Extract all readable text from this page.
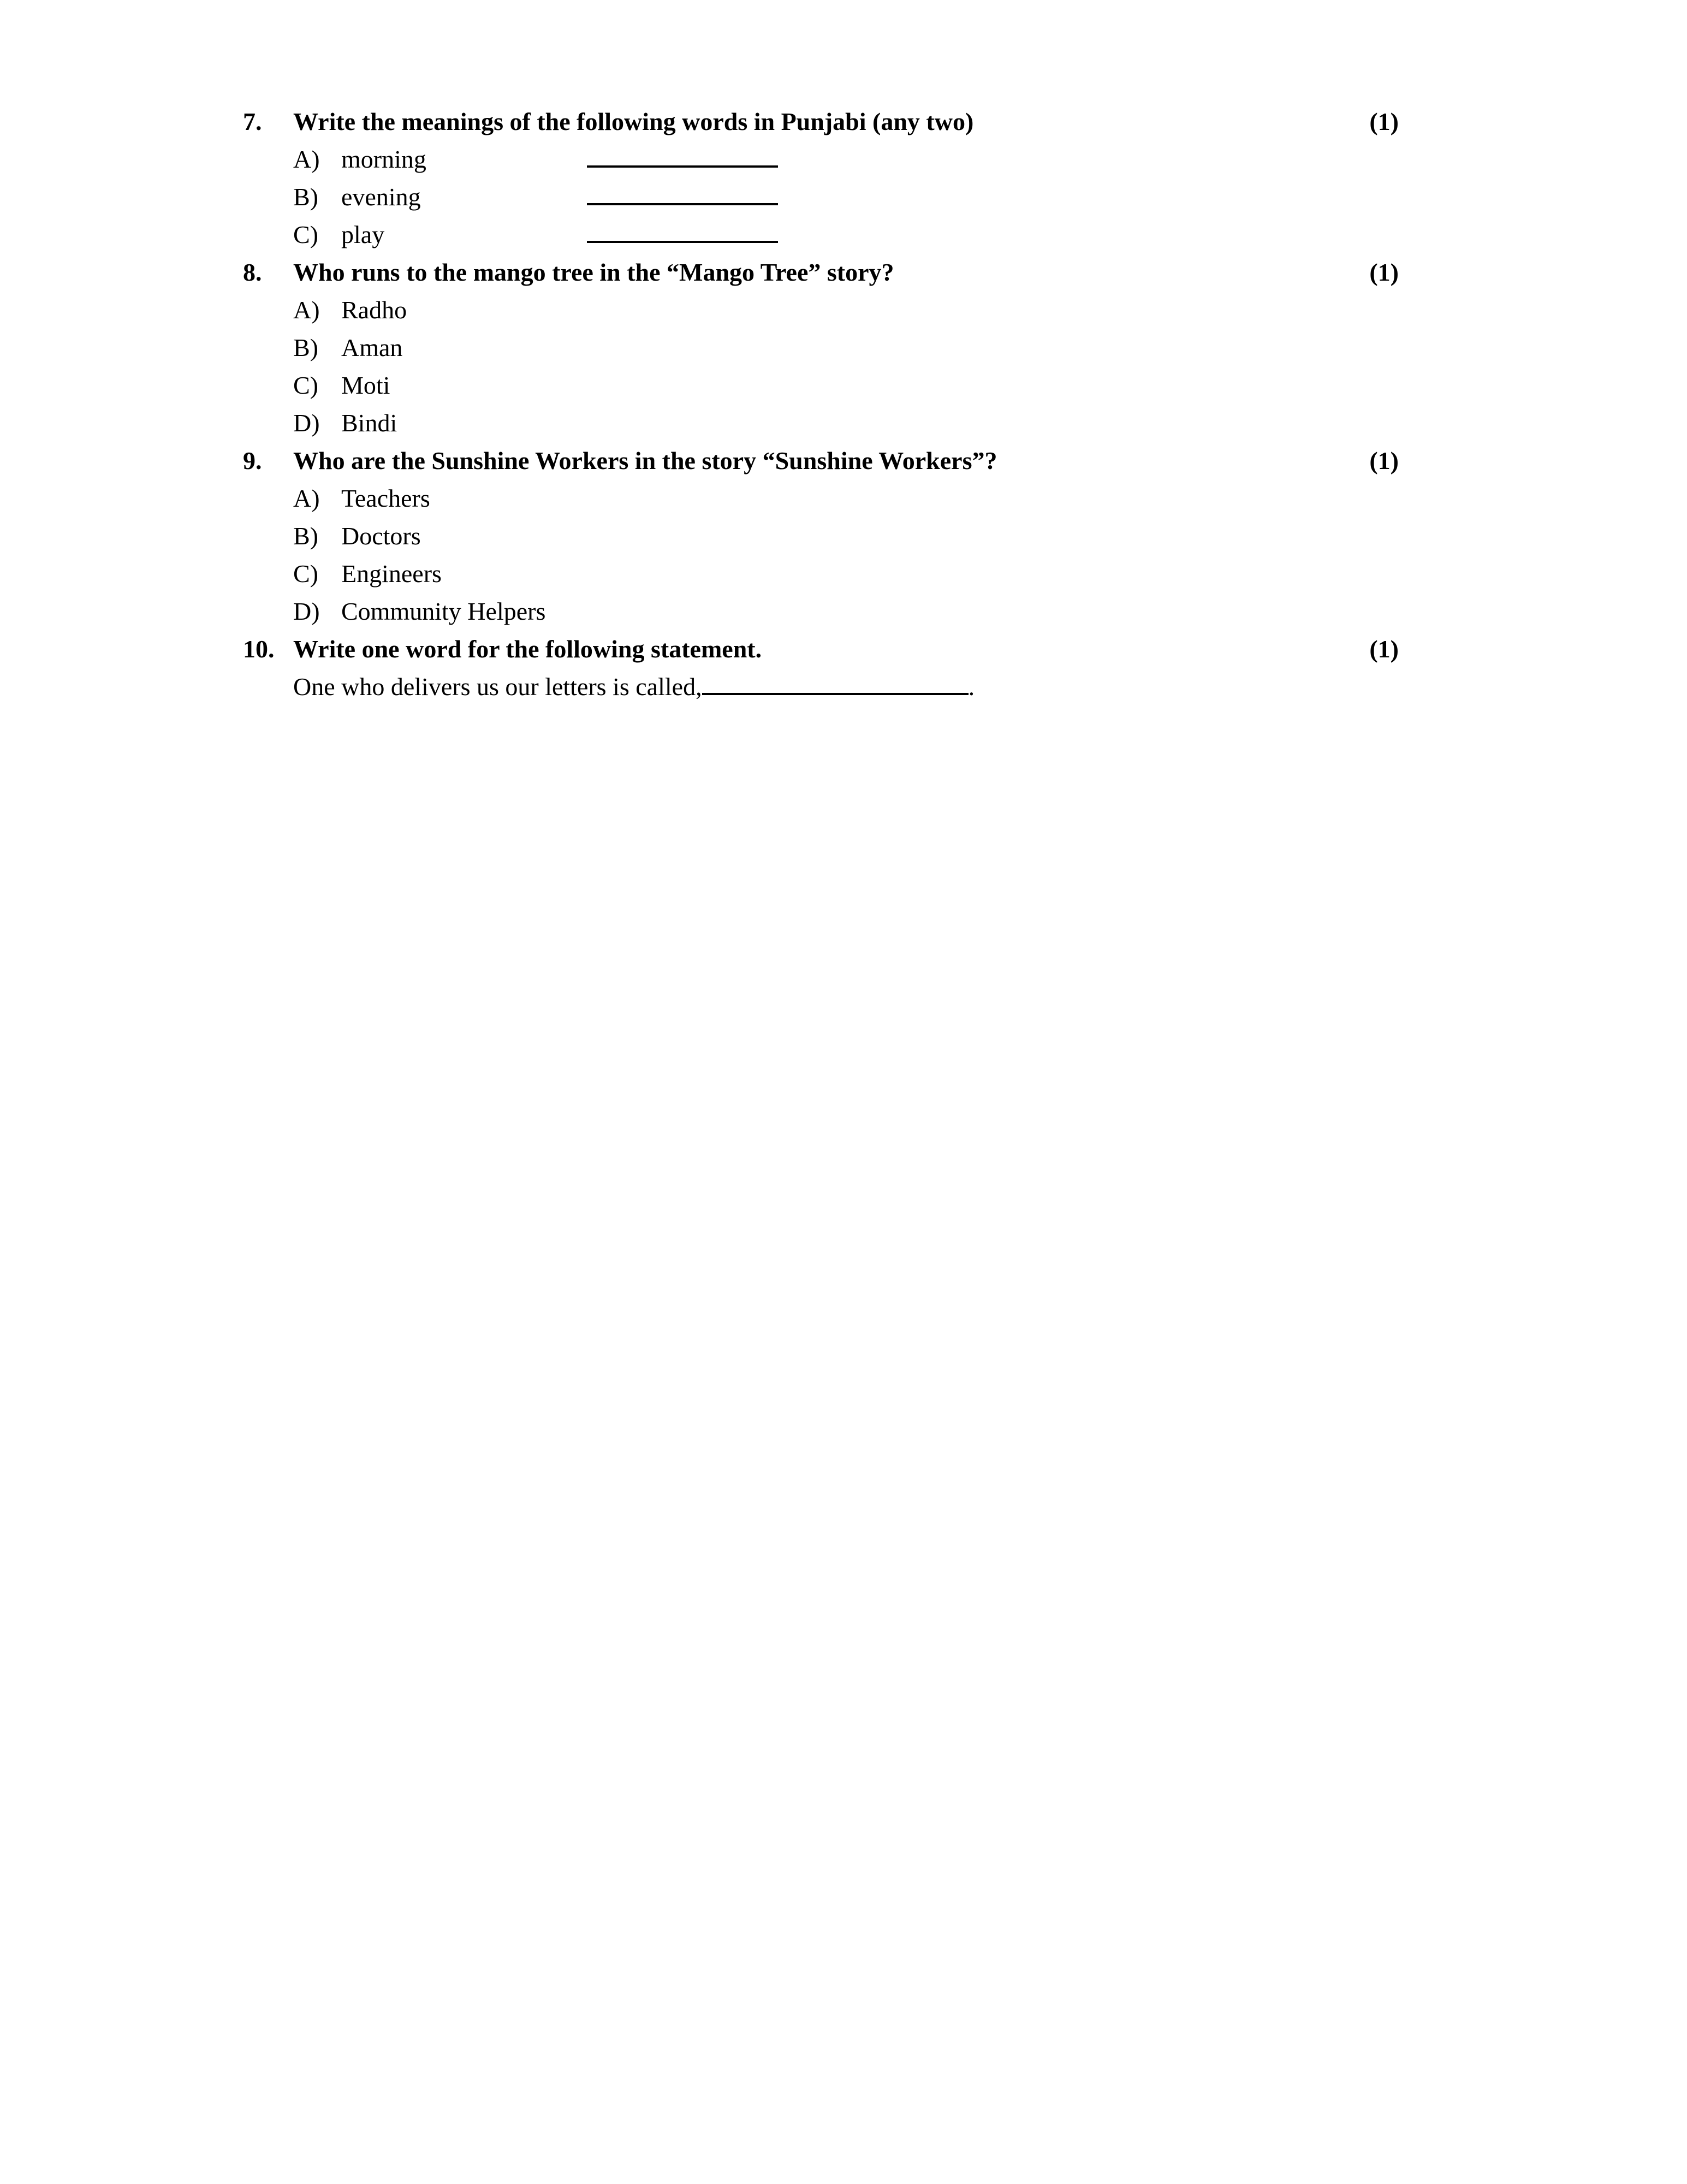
7.	Write the meanings of the following words in Punjabi (any two)	(1)
A) morning
B) evening
C) play
8.	Who runs to the mango tree in the “Mango Tree” story?	(1)
A) Radho
B) Aman
C) Moti
D) Bindi
9.	Who are the Sunshine Workers in the story “Sunshine Workers”?	(1)
A) Teachers
B) Doctors
C) Engineers
D) Community Helpers
10. Write one word for the following statement.	(1)
One who delivers us our letters is called,	.
